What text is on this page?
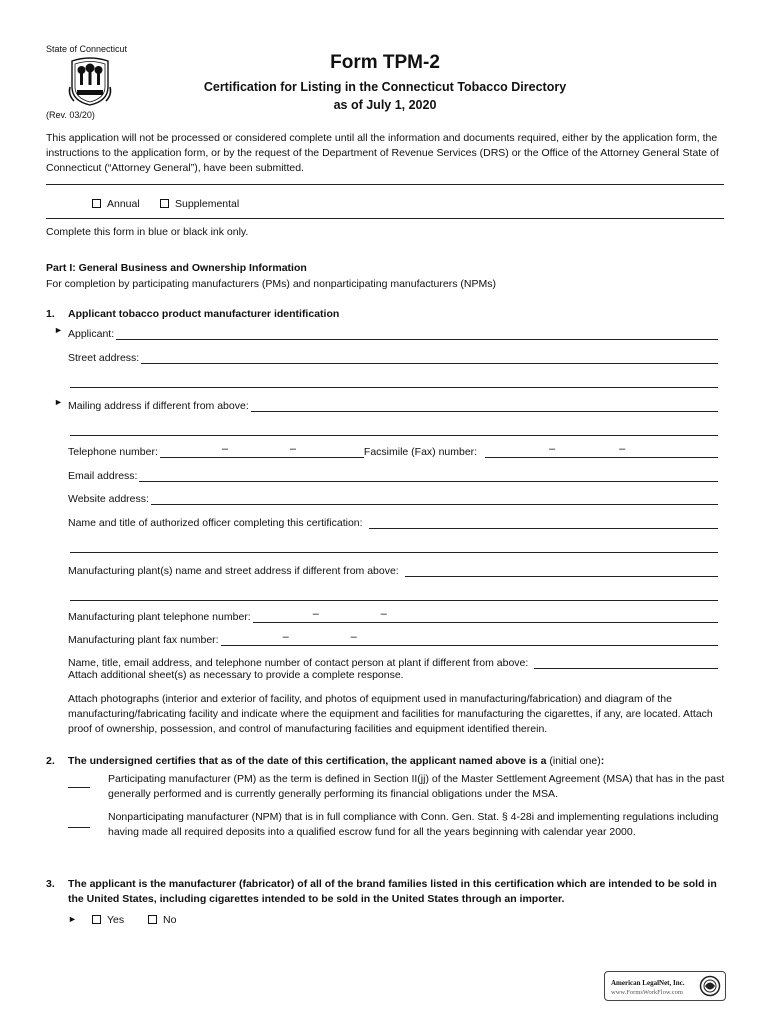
State of Connecticut
(Rev. 03/20)
Form TPM-2
Certification for Listing in the Connecticut Tobacco Directory
as of July 1, 2020
This application will not be processed or considered complete until all the information and documents required, either by the application form, the instructions to the application form, or by the request of the Department of Revenue Services (DRS) or the Office of the Attorney General State of Connecticut (“Attorney General”), have been submitted.
Annual	Supplemental
Complete this form in blue or black ink only.
Part I: General Business and Ownership Information
For completion by participating manufacturers (PMs) and nonparticipating manufacturers (NPMs)
1. Applicant tobacco product manufacturer identification
► Applicant:
Street address:
► Mailing address if different from above:
Telephone number:	–	–	Facsimile (Fax) number:	–	–
Email address:
Website address:
Name and title of authorized officer completing this certification:
Manufacturing plant(s) name and street address if different from above:
Manufacturing plant telephone number:	–	–
Manufacturing plant fax number:	–	–
Name, title, email address, and telephone number of contact person at plant if different from above:
Attach additional sheet(s) as necessary to provide a complete response.
Attach photographs (interior and exterior of facility, and photos of equipment used in manufacturing/fabrication) and diagram of the manufacturing/fabricating facility and indicate where the equipment and facilities for manufacturing the cigarettes, if any, are located. Attach proof of ownership, possession, and control of manufacturing facilities and equipment identified therein.
2. The undersigned certifies that as of the date of this certification, the applicant named above is a (initial one):
Participating manufacturer (PM) as the term is defined in Section II(jj) of the Master Settlement Agreement (MSA) that has in the past generally performed and is currently generally performing its financial obligations under the MSA.
Nonparticipating manufacturer (NPM) that is in full compliance with Conn. Gen. Stat. § 4-28i and implementing regulations including having made all required deposits into a qualified escrow fund for all the years beginning with calendar year 2000.
3. The applicant is the manufacturer (fabricator) of all of the brand families listed in this certification which are intended to be sold in the United States, including cigarettes intended to be sold in the United States through an importer.
►	Yes	No
American LegalNet, Inc.
www.FormsWorkFlow.com
